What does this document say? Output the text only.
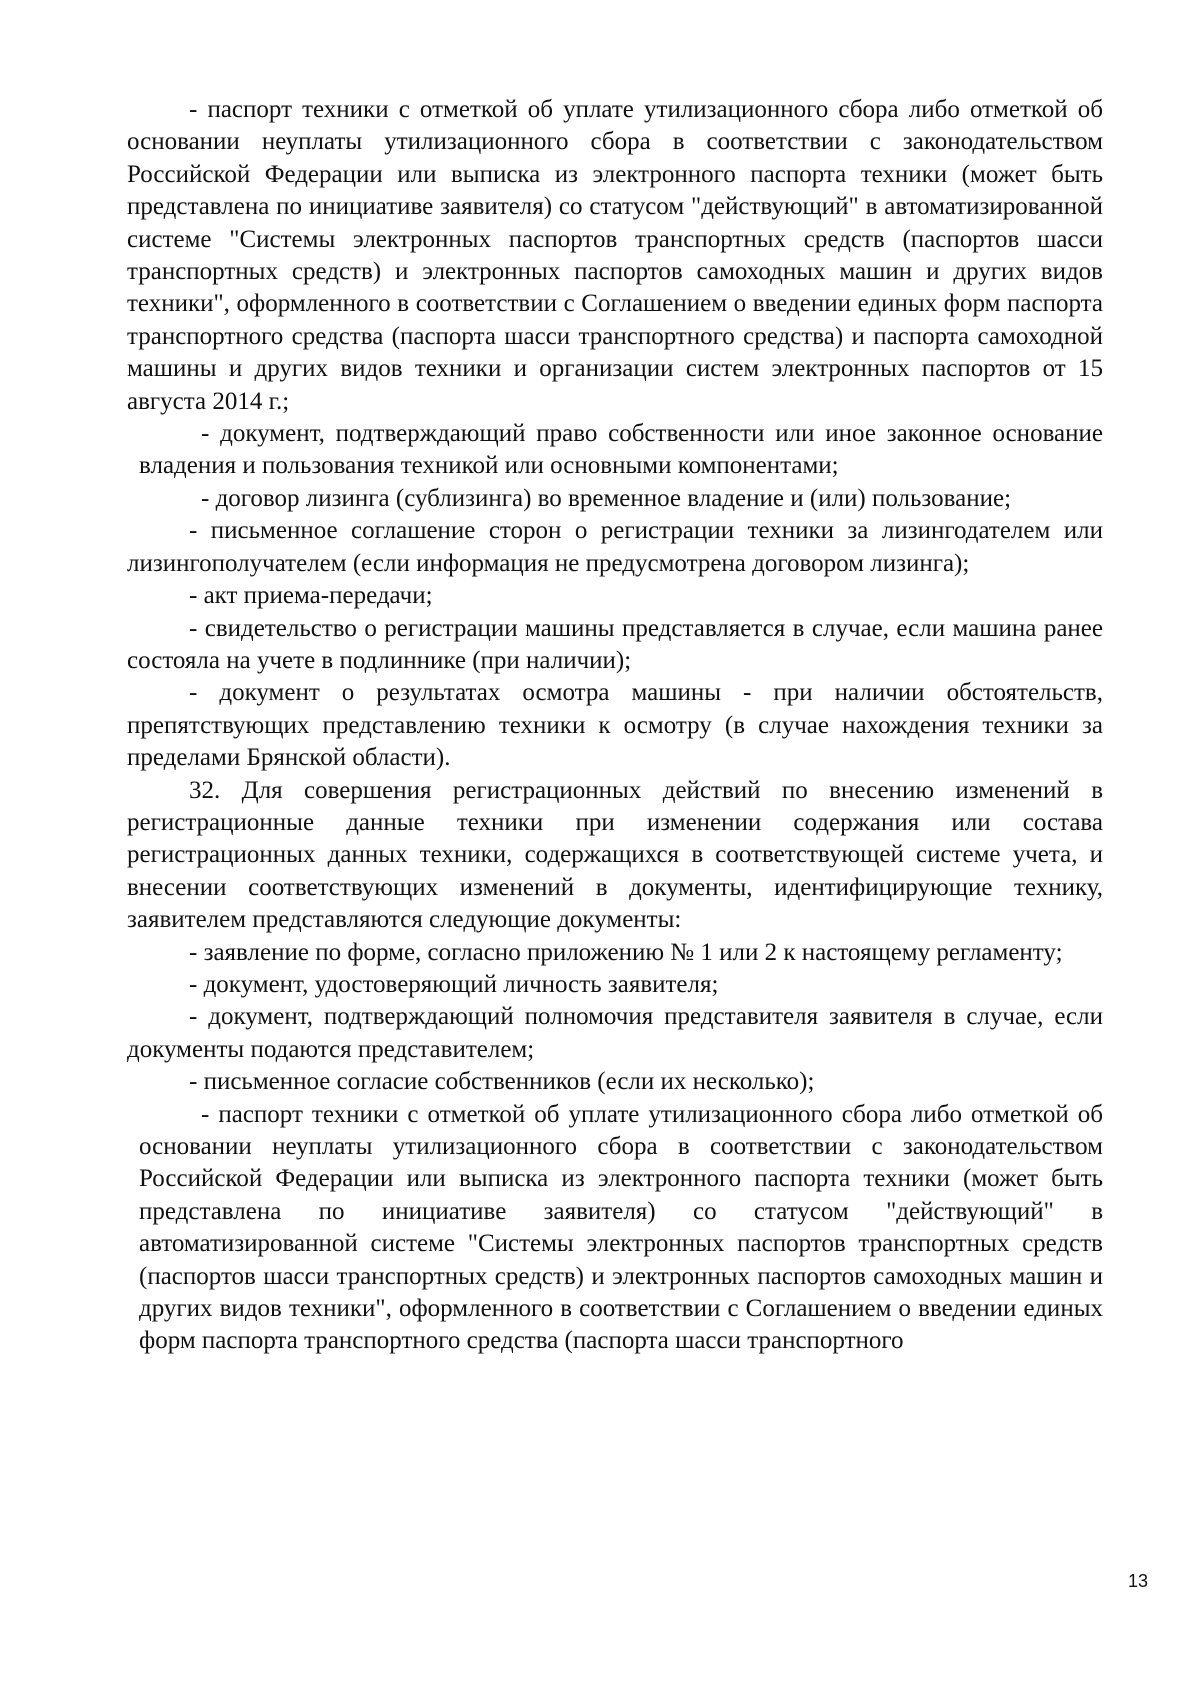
- паспорт техники с отметкой об уплате утилизационного сбора либо отметкой об основании неуплаты утилизационного сбора в соответствии с законодательством Российской Федерации или выписка из электронного паспорта техники (может быть представлена по инициативе заявителя) со статусом "действующий" в автоматизированной системе "Системы электронных паспортов транспортных средств (паспортов шасси транспортных средств) и электронных паспортов самоходных машин и других видов техники", оформленного в соответствии с Соглашением о введении единых форм паспорта транспортного средства (паспорта шасси транспортного средства) и паспорта самоходной машины и других видов техники и организации систем электронных паспортов от 15 августа 2014 г.;

- документ, подтверждающий право собственности или иное законное основание владения и пользования техникой или основными компонентами;

- договор лизинга (сублизинга) во временное владение и (или) пользование;

- письменное соглашение сторон о регистрации техники за лизингодателем или лизингополучателем (если информация не предусмотрена договором лизинга);

- акт приема-передачи;

- свидетельство о регистрации машины представляется в случае, если машина ранее состояла на учете в подлиннике (при наличии);

- документ о результатах осмотра машины - при наличии обстоятельств, препятствующих представлению техники к осмотру (в случае нахождения техники за пределами Брянской области).

32. Для совершения регистрационных действий по внесению изменений в регистрационные данные техники при изменении содержания или состава регистрационных данных техники, содержащихся в соответствующей системе учета, и внесении соответствующих изменений в документы, идентифицирующие технику, заявителем представляются следующие документы:

- заявление по форме, согласно приложению № 1 или 2 к настоящему регламенту;

- документ, удостоверяющий личность заявителя;

- документ, подтверждающий полномочия представителя заявителя в случае, если документы подаются представителем;

- письменное согласие собственников (если их несколько);

- паспорт техники с отметкой об уплате утилизационного сбора либо отметкой об основании неуплаты утилизационного сбора в соответствии с законодательством Российской Федерации или выписка из электронного паспорта техники (может быть представлена по инициативе заявителя) со статусом "действующий" в автоматизированной системе "Системы электронных паспортов транспортных средств (паспортов шасси транспортных средств) и электронных паспортов самоходных машин и других видов техники", оформленного в соответствии с Соглашением о введении единых форм паспорта транспортного средства (паспорта шасси транспортного

13
